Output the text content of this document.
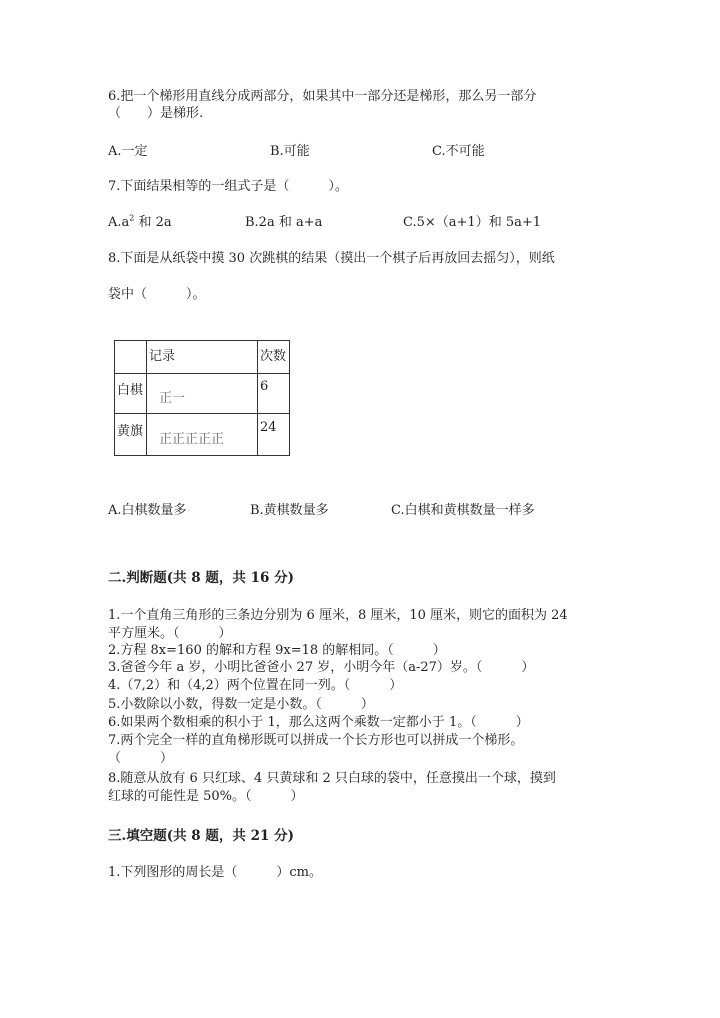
6.把一个梯形用直线分成两部分，如果其中一部分还是梯形，那么另一部分
（　　）是梯形.
A.一定	B.可能	C.不可能
7.下面结果相等的一组式子是（　　　）。
$A.a^2$ 和 2a	B.2a 和 a+a	C.5×（a+1）和 5a+1
8.下面是从纸袋中摸 30 次跳棋的结果（摸出一个棋子后再放回去摇匀），则纸
袋中（　　　）。
	记录	次数
白棋	正一	6
黄旗	正正正正正	24
A.白棋数量多	B.黄棋数量多	C.白棋和黄棋数量一样多
二.判断题(共 8 题，共 16 分)
1.一个直角三角形的三条边分别为 6 厘米，8 厘米，10 厘米，则它的面积为 24
平方厘米。（　　　）
2.方程 8x=160 的解和方程 9x=18 的解相同。（　　　）
3.爸爸今年 a 岁，小明比爸爸小 27 岁，小明今年（a-27）岁。（　　　）
4.（7,2）和（4,2）两个位置在同一列。（　　　）
5.小数除以小数，得数一定是小数。（　　　）
6.如果两个数相乘的积小于 1，那么这两个乘数一定都小于 1。（　　　）
7.两个完全一样的直角梯形既可以拼成一个长方形也可以拼成一个梯形。
（　　　）
8.随意从放有 6 只红球、4 只黄球和 2 只白球的袋中，任意摸出一个球，摸到
红球的可能性是 50%。（　　　）
三.填空题(共 8 题，共 21 分)
1.下列图形的周长是（　　　）cm。
